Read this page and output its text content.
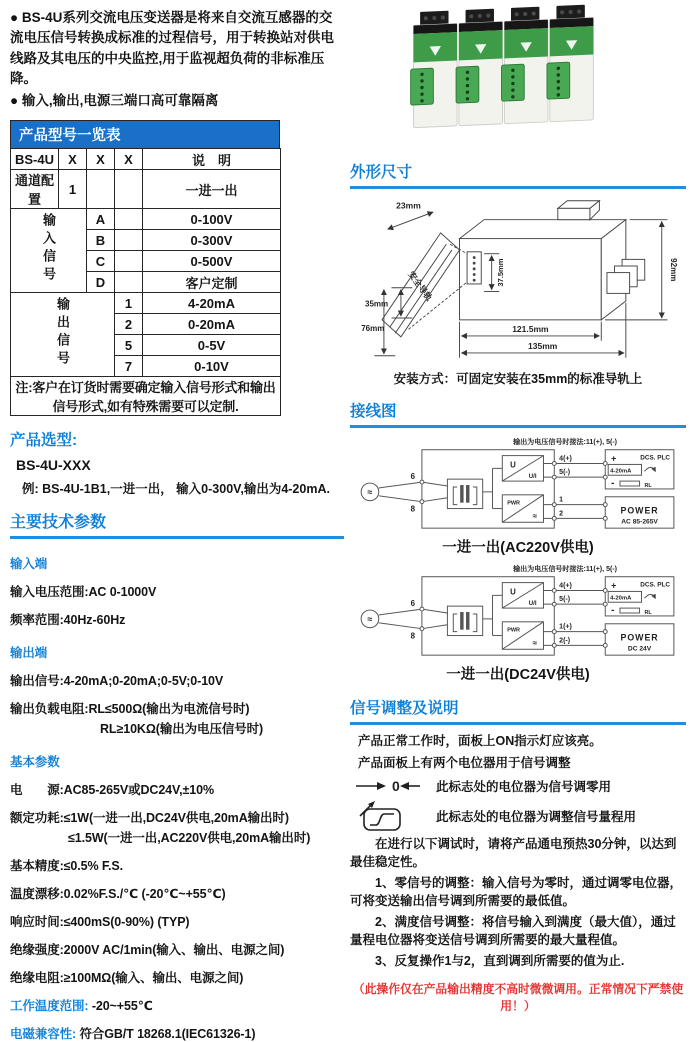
● BS-4U系列交流电压变送器是将来自交流互感器的交流电压信号转换成标准的过程信号，用于转换站对供电线路及其电压的中央监控,用于监视超负荷的非标准压降。
● 输入,输出,电源三端口高可靠隔离
产品型号一览表
BS-4U	X	X	X	说　明
通道配置	1			一进一出
输入信号		A		0-100V
		B		0-300V
		C		0-500V
		D		客户定制
输出信号			1	4-20mA
			2	0-20mA
			5	0-5V
			7	0-10V
注:客户在订货时需要确定输入信号形式和输出信号形式,如有特殊需要可以定制.				
产品选型:
BS-4U-XXX
例: BS-4U-1B1,一进一出， 输入0-300V,输出为4-20mA.
主要技术参数
输入端
输入电压范围:AC 0-1000V
频率范围:40Hz-60Hz
输出端
输出信号:4-20mA;0-20mA;0-5V;0-10V
输出负载电阻:RL≤500Ω(输出为电流信号时)
RL≥10KΩ(输出为电压信号时)
基本参数
电　　源:AC85-265V或DC24V,±10%
额定功耗:≤1W(一进一出,DC24V供电,20mA输出时)
≤1.5W(一进一出,AC220V供电,20mA输出时)
基本精度:≤0.5% F.S.
温度漂移:0.02%F.S./℃ (-20℃~+55℃)
响应时间:≤400mS(0-90%) (TYP)
绝缘强度:2000V AC/1min(输入、输出、电源之间)
绝缘电阻:≥100MΩ(输入、输出、电源之间)
工作温度范围: -20~+55℃
电磁兼容性: 符合GB/T 18268.1(IEC61326-1)
外形尺寸
23mm
安全导轨
35mm
76mm
37.5mm	92mm
121.5mm
135mm
安装方式：可固定安装在35mm的标准导轨上
接线图
输出为电压信号时接法:11(+), 5(-)
≈
6
8
U
U/I
PWR
≈
4(+)
5(-)
1
2
+	DCS. PLC
4-20mA
-	RL
POWER
AC 85-265V
一进一出(AC220V供电)
输出为电压信号时接法:11(+), 5(-)
≈
6
8
U
U/I
PWR
≈
4(+)
5(-)
1(+)
2(-)
+	DCS. PLC
4-20mA
-	RL
POWER
DC 24V
一进一出(DC24V供电)
信号调整及说明
产品正常工作时，面板上ON指示灯应该亮。
产品面板上有两个电位器用于信号调整
0	此标志处的电位器为信号调零用
此标志处的电位器为调整信号量程用
在进行以下调试时，请将产品通电预热30分钟，以达到最佳稳定性。
1、零信号的调整：输入信号为零时，通过调零电位器，可将变送输出信号调到所需要的最低值。
2、满度信号调整：将信号输入到满度（最大值），通过量程电位器将变送信号调到所需要的最大量程值。
3、反复操作1与2，直到调到所需要的值为止.
（此操作仅在产品输出精度不高时微微调用。正常情况下严禁使用！）
